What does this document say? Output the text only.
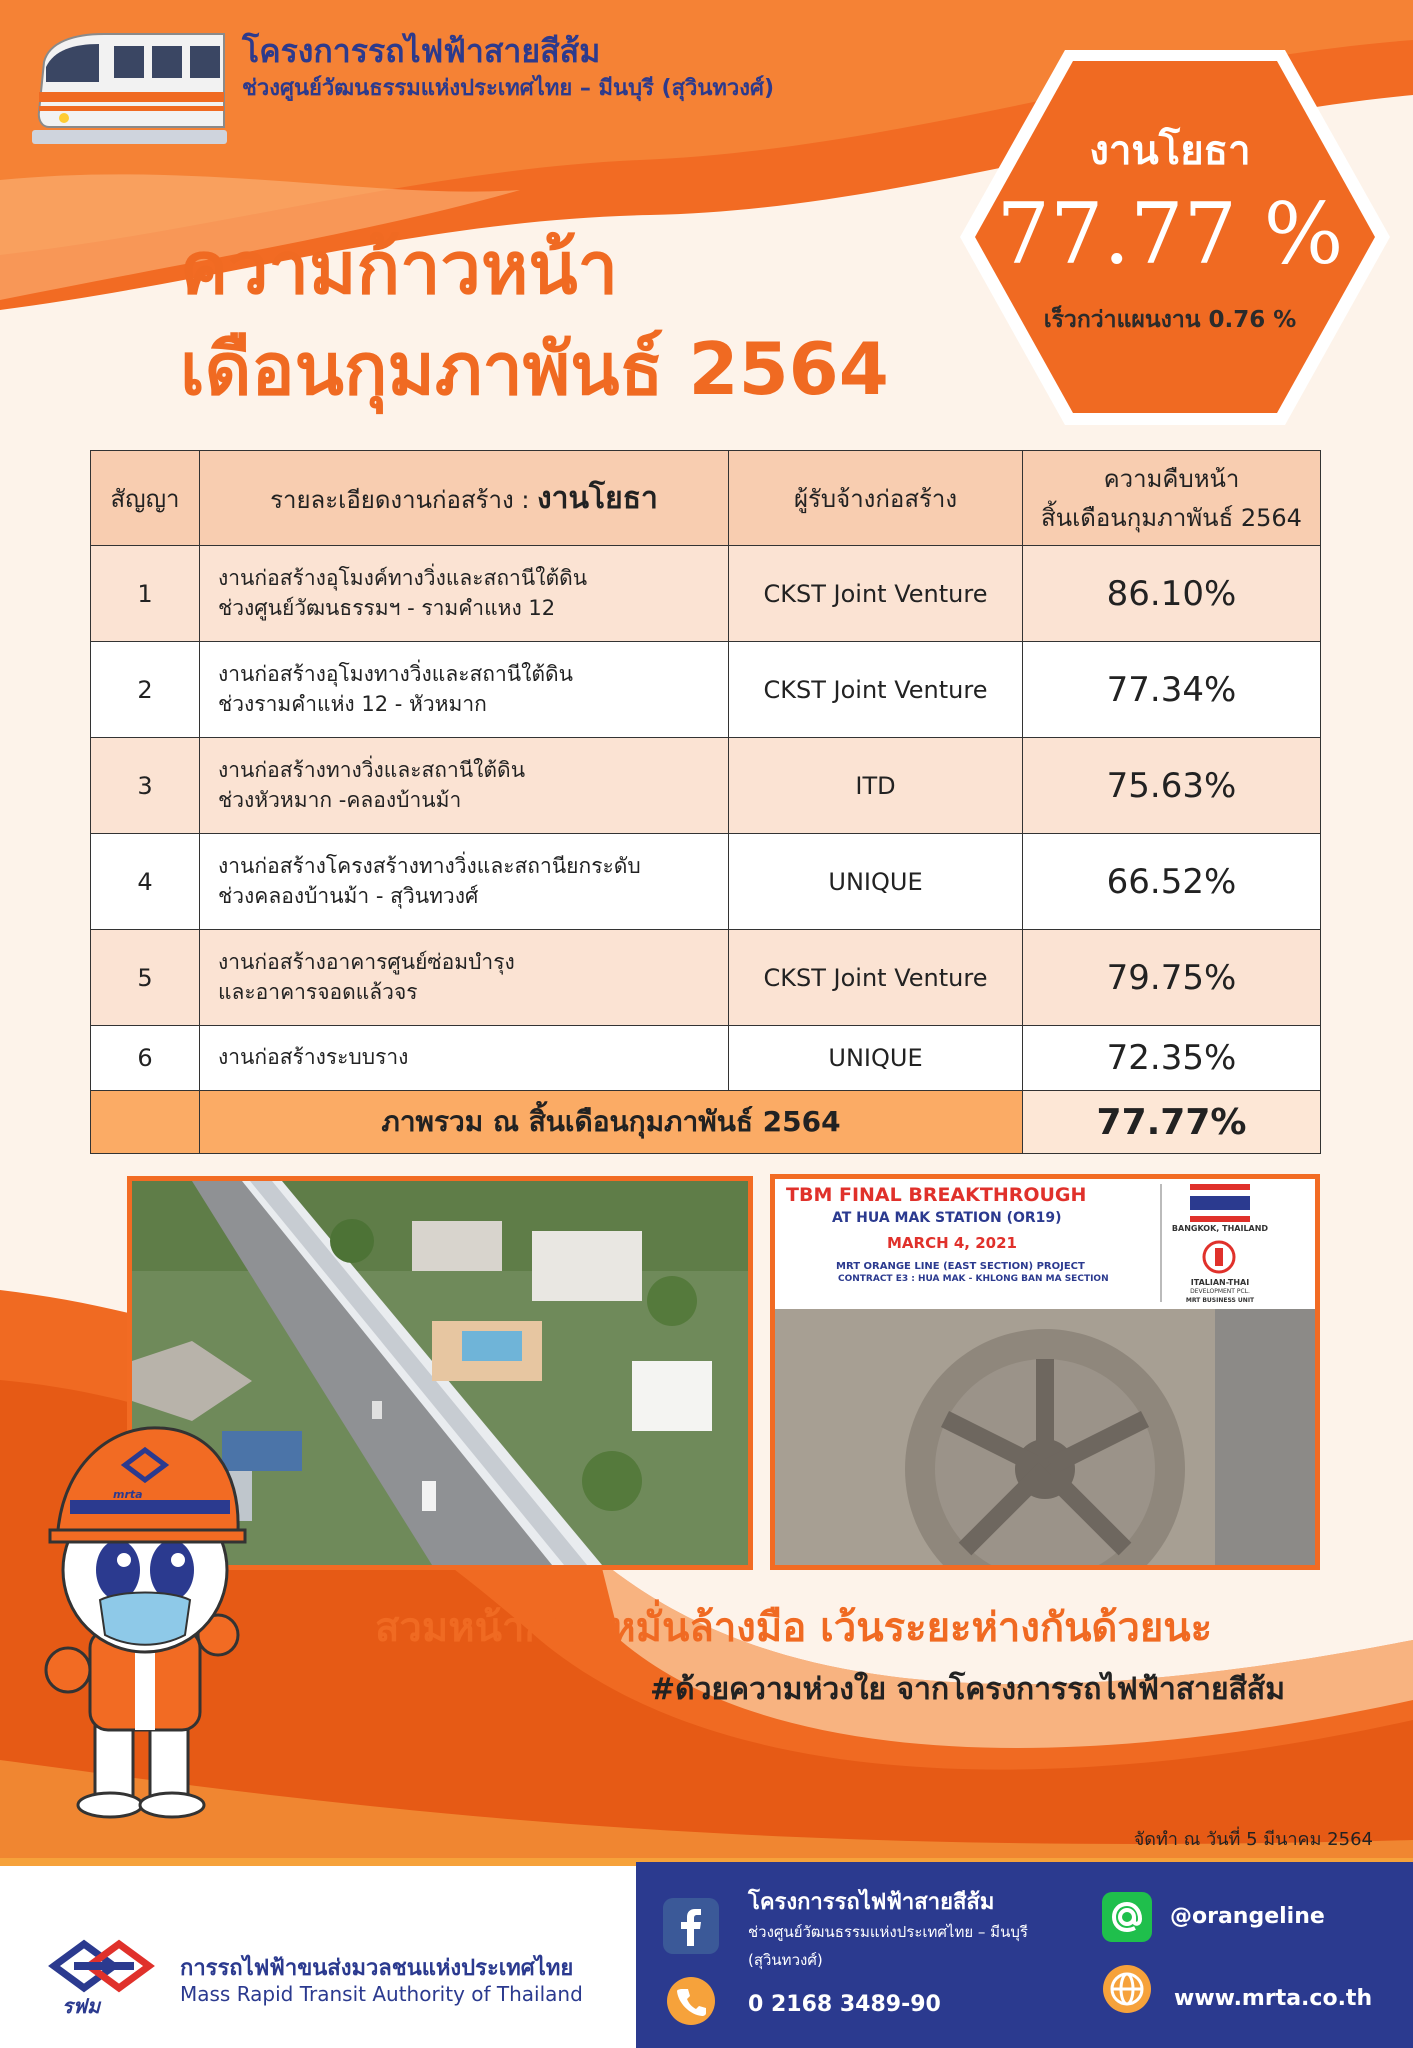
โครงการรถไฟฟ้าสายสีส้ม
ช่วงศูนย์วัฒนธรรมแห่งประเทศไทย – มีนบุรี (สุวินทวงศ์)
ความก้าวหน้า
เดือนกุมภาพันธ์ 2564
งานโยธา
77.77 %
เร็วกว่าแผนงาน 0.76 %
สัญญา	รายละเอียดงานก่อสร้าง : งานโยธา	ผู้รับจ้างก่อสร้าง	ความคืบหน้า
สิ้นเดือนกุมภาพันธ์ 2564

1	งานก่อสร้างอุโมงค์ทางวิ่งและสถานีใต้ดิน
ช่วงศูนย์วัฒนธรรมฯ - รามคำแหง 12	CKST Joint Venture	86.10%
2	งานก่อสร้างอุโมงทางวิ่งและสถานีใต้ดิน
ช่วงรามคำแห่ง 12 - หัวหมาก	CKST Joint Venture	77.34%
3	งานก่อสร้างทางวิ่งและสถานีใต้ดิน
ช่วงหัวหมาก -คลองบ้านม้า	ITD	75.63%
4	งานก่อสร้างโครงสร้างทางวิ่งและสถานียกระดับ
ช่วงคลองบ้านม้า - สุวินทวงศ์	UNIQUE	66.52%
5	งานก่อสร้างอาคารศูนย์ซ่อมบำรุง
และอาคารจอดแล้วจร	CKST Joint Venture	79.75%
6	งานก่อสร้างระบบราง	UNIQUE	72.35%
	ภาพรวม ณ สิ้นเดือนกุมภาพันธ์ 2564		77.77%
TBM FINAL BREAKTHROUGH
AT HUA MAK STATION (OR19)
MARCH 4, 2021
MRT ORANGE LINE (EAST SECTION) PROJECT
CONTRACT E3 : HUA MAK - KHLONG BAN MA SECTION
BANGKOK, THAILAND
ITALIAN-THAI
DEVELOPMENT PCL.
MRT BUSINESS UNIT
mrta
สวมหน้ากาก หมั่นล้างมือ เว้นระยะห่างกันด้วยนะ
#ด้วยความห่วงใย จากโครงการรถไฟฟ้าสายสีส้ม
จัดทำ ณ วันที่ 5 มีนาคม 2564
รฟม
การรถไฟฟ้าขนส่งมวลชนแห่งประเทศไทย
Mass Rapid Transit Authority of Thailand
โครงการรถไฟฟ้าสายสีส้ม
ช่วงศูนย์วัฒนธรรมแห่งประเทศไทย – มีนบุรี
(สุวินทวงศ์)
0 2168 3489-90
@orangeline
www.mrta.co.th
